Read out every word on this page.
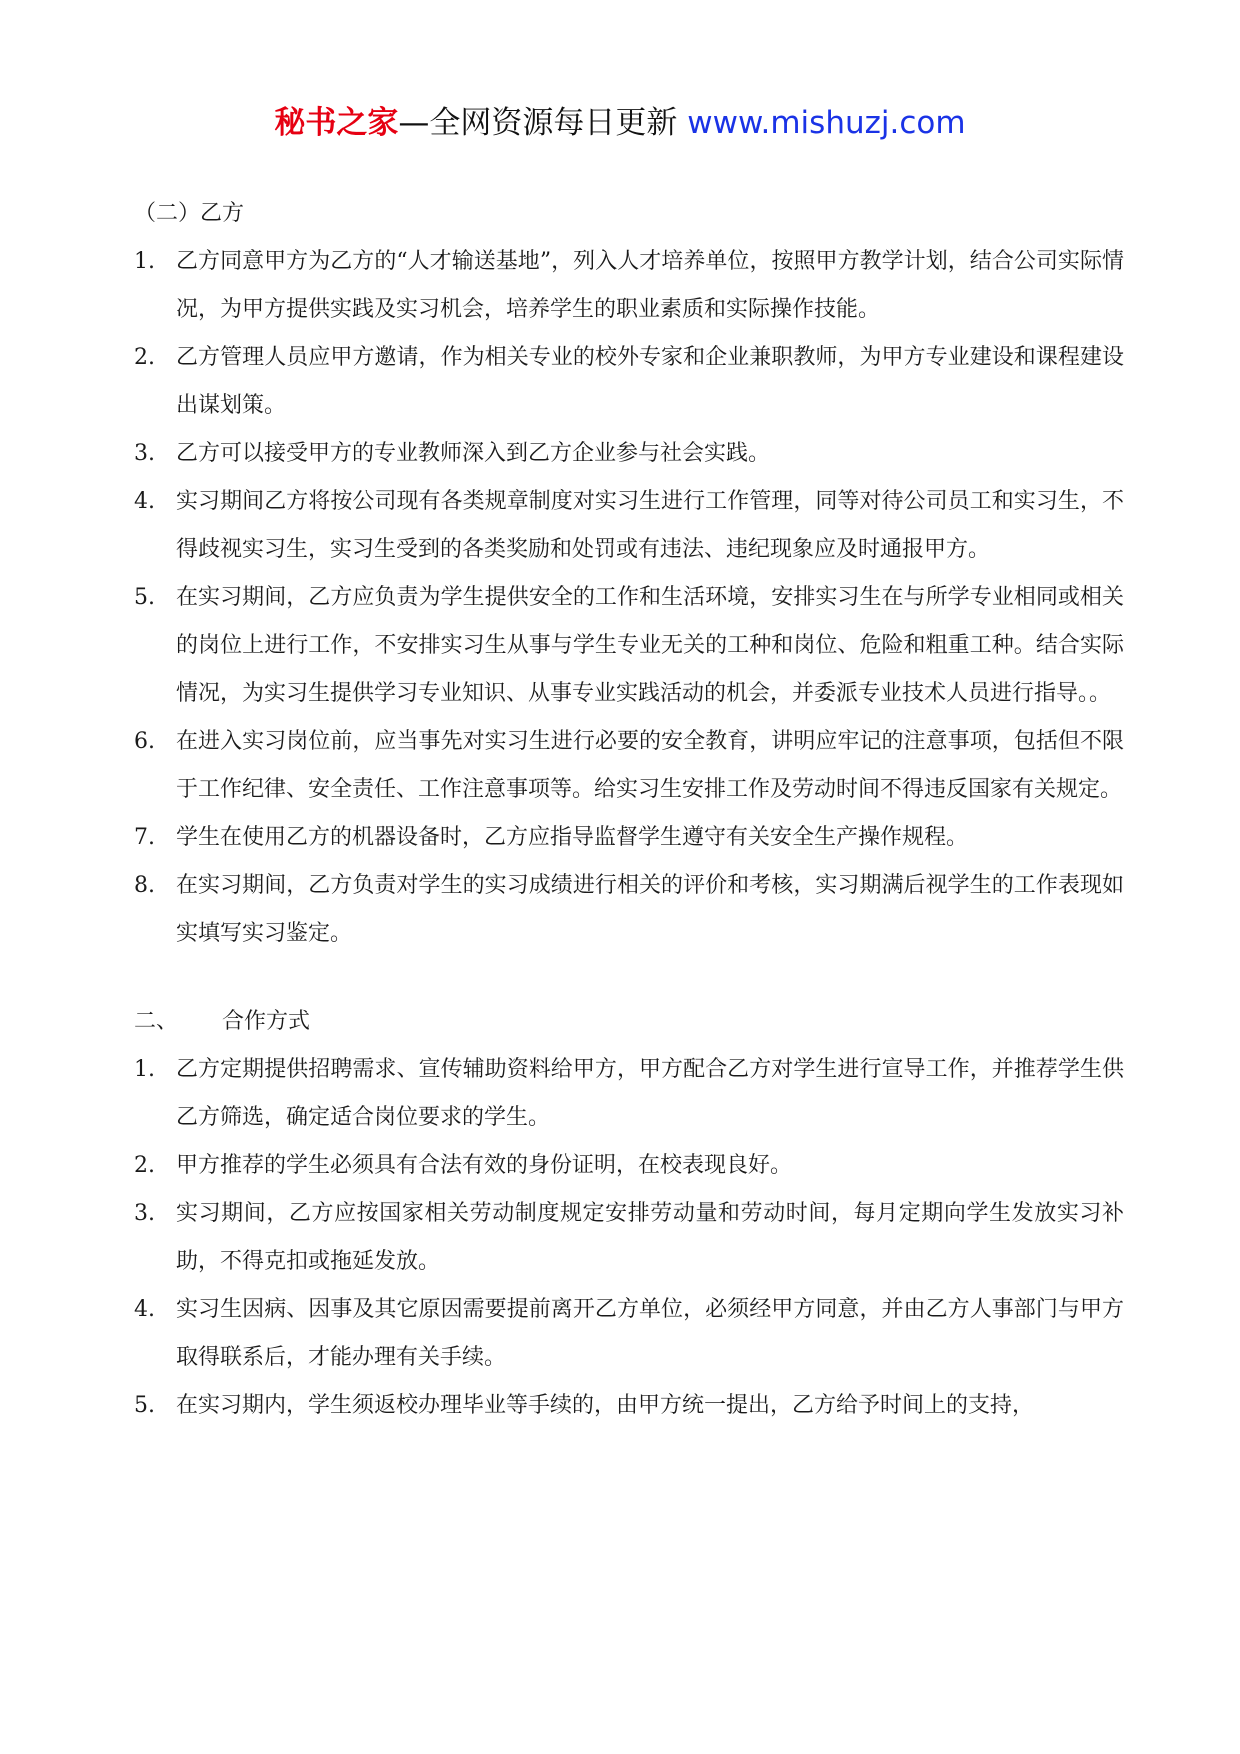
秘书之家—全网资源每日更新 www.mishuzj.com

（二）乙方

1. 乙方同意甲方为乙方的“人才输送基地”，列入人才培养单位，按照甲方教学计划，结合公司实际情况，为甲方提供实践及实习机会，培养学生的职业素质和实际操作技能。
2. 乙方管理人员应甲方邀请，作为相关专业的校外专家和企业兼职教师，为甲方专业建设和课程建设出谋划策。
3. 乙方可以接受甲方的专业教师深入到乙方企业参与社会实践。
4. 实习期间乙方将按公司现有各类规章制度对实习生进行工作管理，同等对待公司员工和实习生，不得歧视实习生，实习生受到的各类奖励和处罚或有违法、违纪现象应及时通报甲方。
5. 在实习期间，乙方应负责为学生提供安全的工作和生活环境，安排实习生在与所学专业相同或相关的岗位上进行工作，不安排实习生从事与学生专业无关的工种和岗位、危险和粗重工种。结合实际情况，为实习生提供学习专业知识、从事专业实践活动的机会，并委派专业技术人员进行指导。。
6. 在进入实习岗位前，应当事先对实习生进行必要的安全教育，讲明应牢记的注意事项，包括但不限于工作纪律、安全责任、工作注意事项等。给实习生安排工作及劳动时间不得违反国家有关规定。
7. 学生在使用乙方的机器设备时，乙方应指导监督学生遵守有关安全生产操作规程。
8. 在实习期间，乙方负责对学生的实习成绩进行相关的评价和考核，实习期满后视学生的工作表现如实填写实习鉴定。
二、	合作方式
1. 乙方定期提供招聘需求、宣传辅助资料给甲方，甲方配合乙方对学生进行宣导工作，并推荐学生供乙方筛选，确定适合岗位要求的学生。
2. 甲方推荐的学生必须具有合法有效的身份证明，在校表现良好。
3. 实习期间，乙方应按国家相关劳动制度规定安排劳动量和劳动时间，每月定期向学生发放实习补助，不得克扣或拖延发放。
4. 实习生因病、因事及其它原因需要提前离开乙方单位，必须经甲方同意，并由乙方人事部门与甲方取得联系后，才能办理有关手续。
5. 在实习期内，学生须返校办理毕业等手续的，由甲方统一提出，乙方给予时间上的支持，
